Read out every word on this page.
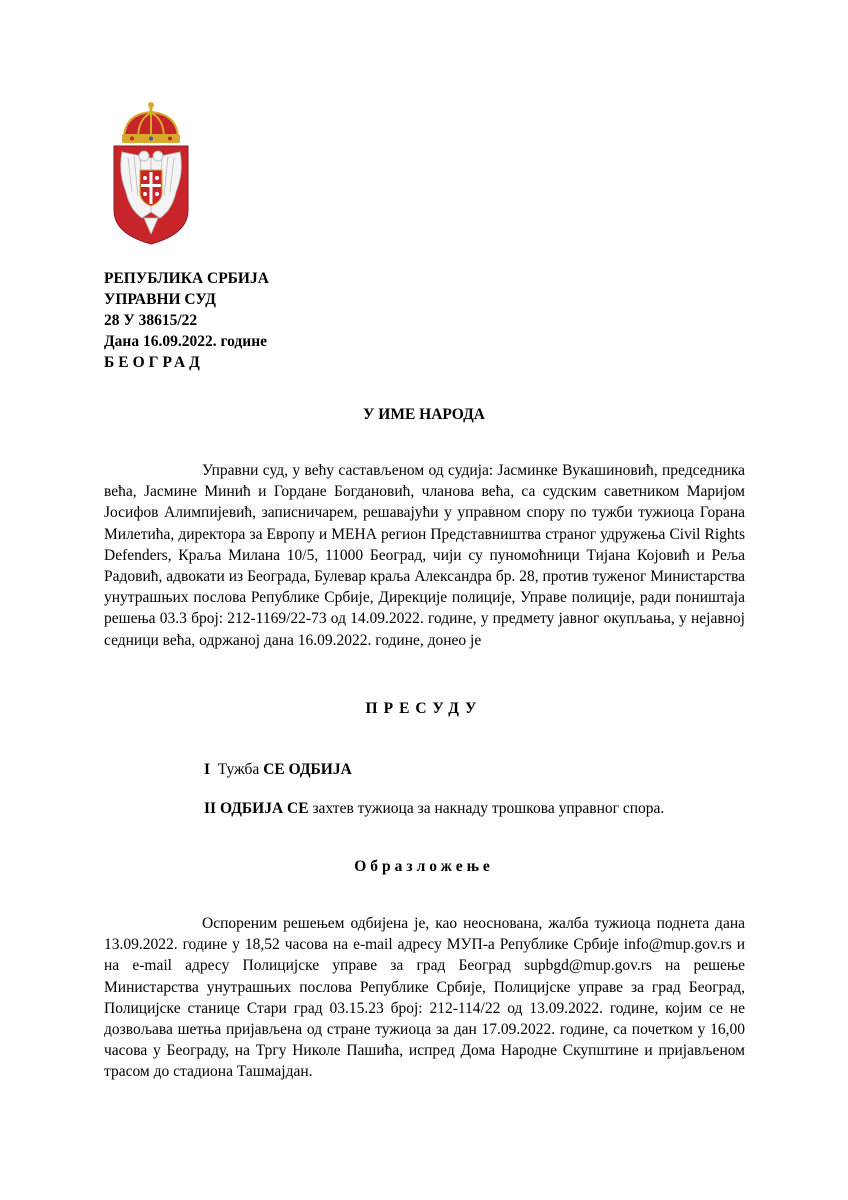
РЕПУБЛИКА СРБИЈА
УПРАВНИ СУД
28 У 38615/22
Дана 16.09.2022. године
БЕОГРАД
У ИМЕ НАРОДА
Управни суд, у већу састављеном од судија: Јасминке Вукашиновић, председника већа, Јасмине Минић и Гордане Богдановић, чланова већа, са судским саветником Маријом Јосифов Алимпијевић, записничарем, решавајући у управном спору по тужби тужиоца Горана Милетића, директора за Европу и МЕНА регион Представништва страног удружења Civil Rights Defenders, Краља Милана 10/5, 11000 Београд, чији су пуномоћници Тијана Којовић и Реља Радовић, адвокати из Београда, Булевар краља Александра бр. 28, против туженог Министарства унутрашњих послова Републике Србије, Дирекције полиције, Управе полиције, ради поништаја решења 03.3 број: 212-1169/22-73 од 14.09.2022. године, у предмету јавног окупљања, у нејавној седници већа, одржаној дана 16.09.2022. године, донео је
ПРЕСУДУ
I Тужба СЕ ОДБИЈА
II ОДБИЈА СЕ захтев тужиоца за накнаду трошкова управног спора.
Образложење
Оспореним решењем одбијена је, као неоснована, жалба тужиоца поднета дана 13.09.2022. године у 18,52 часова на e-mail адресу МУП-а Републике Србије info@mup.gov.rs и на e-mail адресу Полицијске управе за град Београд supbgd@mup.gov.rs на решење Министарства унутрашњих послова Републике Србије, Полицијске управе за град Београд, Полицијске станице Стари град 03.15.23 број: 212-114/22 од 13.09.2022. године, којим се не дозвољава шетња пријављена од стране тужиоца за дан 17.09.2022. године, са почетком у 16,00 часова у Београду, на Тргу Николе Пашића, испред Дома Народне Скупштине и пријављеном трасом до стадиона Ташмајдан.
